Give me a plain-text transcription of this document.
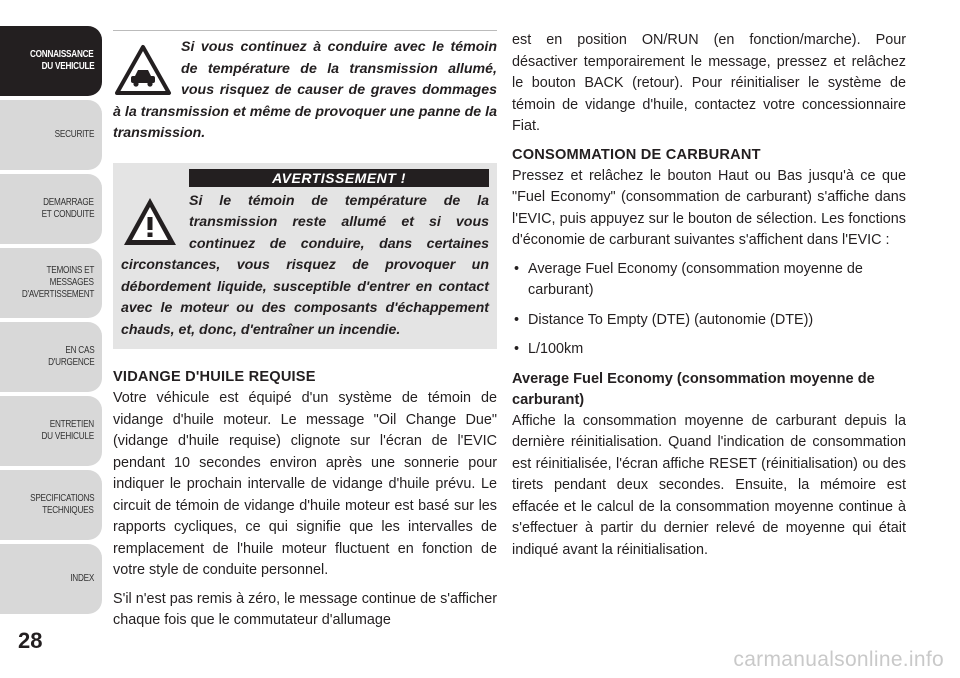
CONNAISSANCE
DU VEHICULE
SECURITE
DEMARRAGE
ET CONDUITE
TEMOINS ET
MESSAGES
D'AVERTISSEMENT
EN CAS
D'URGENCE
ENTRETIEN
DU VEHICULE
SPECIFICATIONS
TECHNIQUES
INDEX
28
Si vous continuez à conduire avec le témoin de température de la transmission allumé, vous risquez de causer de graves dommages à la transmission et même de provoquer une panne de la transmission.
AVERTISSEMENT !
Si le témoin de température de la transmission reste allumé et si vous continuez de conduire, dans certaines circonstances, vous risquez de provoquer un débordement liquide, susceptible d'entrer en contact avec le moteur ou des composants d'échappement chauds, et, donc, d'entraîner un incendie.
VIDANGE D'HUILE REQUISE

Votre véhicule est équipé d'un système de témoin de vidange d'huile moteur. Le message "Oil Change Due" (vidange d'huile requise) clignote sur l'écran de l'EVIC pendant 10 secondes environ après une sonnerie pour indiquer le prochain intervalle de vidange d'huile prévu. Le circuit de témoin de vidange d'huile moteur est basé sur les rapports cycliques, ce qui signifie que les intervalles de remplacement de l'huile moteur fluctuent en fonction de votre style de conduite personnel.

S'il n'est pas remis à zéro, le message continue de s'afficher chaque fois que le commutateur d'allumage

est en position ON/RUN (en fonction/marche). Pour désactiver temporairement le message, pressez et relâchez le bouton BACK (retour). Pour réinitialiser le système de témoin de vidange d'huile, contactez votre concessionnaire Fiat.

CONSOMMATION DE CARBURANT

Pressez et relâchez le bouton Haut ou Bas jusqu'à ce que "Fuel Economy" (consommation de carburant) s'affiche dans l'EVIC, puis appuyez sur le bouton de sélection. Les fonctions d'économie de carburant suivantes s'affichent dans l'EVIC :

• Average Fuel Economy (consommation moyenne de carburant)
• Distance To Empty (DTE) (autonomie (DTE))
• L/100km
Average Fuel Economy (consommation moyenne de carburant)

Affiche la consommation moyenne de carburant depuis la dernière réinitialisation. Quand l'indication de consommation est réinitialisée, l'écran affiche RESET (réinitialisation) ou des tirets pendant deux secondes. Ensuite, la mémoire est effacée et le calcul de la consommation moyenne continue à s'effectuer à partir du dernier relevé de moyenne qui était indiqué avant la réinitialisation.

carmanualsonline.info
